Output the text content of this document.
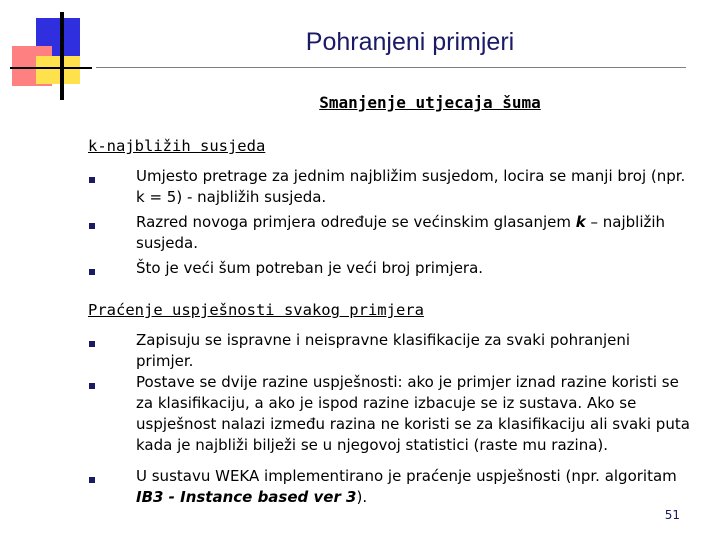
Pohranjeni primjeri
Smanjenje utjecaja šuma
k-najbližih susjeda
Umjesto pretrage za jednim najbližim susjedom, locira se manji broj (npr. k = 5) - najbližih susjeda.
Razred novoga primjera određuje se većinskim glasanjem k – najbližih susjeda.
Što je veći šum potreban je veći broj primjera.
Praćenje uspješnosti svakog primjera
Zapisuju se ispravne i neispravne klasifikacije za svaki pohranjeni primjer.
Postave se dvije razine uspješnosti: ako je primjer iznad razine koristi se za klasifikaciju, a ako je ispod razine izbacuje se iz sustava. Ako se uspješnost nalazi između razina ne koristi se za klasifikaciju ali svaki puta kada je najbliži bilježi se u njegovoj statistici (raste mu razina).
U sustavu WEKA implementirano je praćenje uspješnosti (npr. algoritam IB3 - Instance based ver 3).
51
